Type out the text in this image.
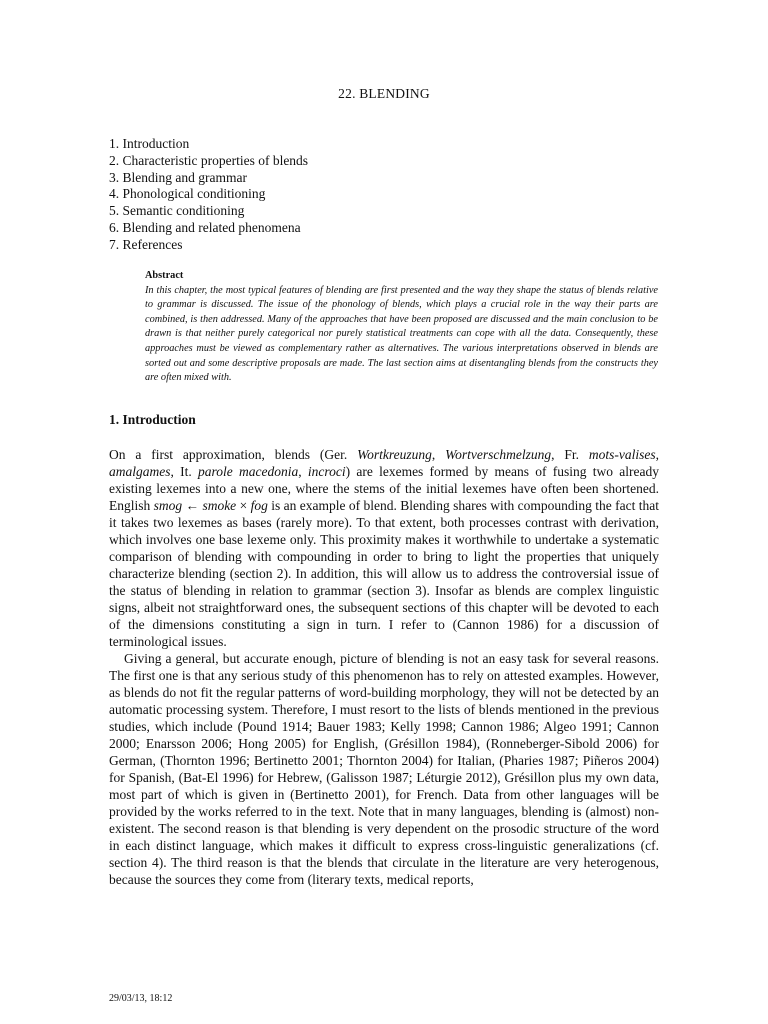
22. BLENDING
1. Introduction
2. Characteristic properties of blends
3. Blending and grammar
4. Phonological conditioning
5. Semantic conditioning
6. Blending and related phenomena
7. References
Abstract
In this chapter, the most typical features of blending are first presented and the way they shape the status of blends relative to grammar is discussed. The issue of the phonology of blends, which plays a crucial role in the way their parts are combined, is then addressed. Many of the approaches that have been proposed are discussed and the main conclusion to be drawn is that neither purely categorical nor purely statistical treatments can cope with all the data. Consequently, these approaches must be viewed as complementary rather as alternatives. The various interpretations observed in blends are sorted out and some descriptive proposals are made. The last section aims at disentangling blends from the constructs they are often mixed with.
1. Introduction

On a first approximation, blends (Ger. Wortkreuzung, Wortverschmelzung, Fr. mots-valises, amalgames, It. parole macedonia, incroci) are lexemes formed by means of fusing two already existing lexemes into a new one, where the stems of the initial lexemes have often been shortened. English smog ← smoke × fog is an example of blend. Blending shares with compounding the fact that it takes two lexemes as bases (rarely more). To that extent, both processes contrast with derivation, which involves one base lexeme only. This proximity makes it worthwhile to undertake a systematic comparison of blending with compounding in order to bring to light the properties that uniquely characterize blending (section 2). In addition, this will allow us to address the controversial issue of the status of blending in relation to grammar (section 3). Insofar as blends are complex linguistic signs, albeit not straightforward ones, the subsequent sections of this chapter will be devoted to each of the dimensions constituting a sign in turn. I refer to (Cannon 1986) for a discussion of terminological issues.

Giving a general, but accurate enough, picture of blending is not an easy task for several reasons. The first one is that any serious study of this phenomenon has to rely on attested examples. However, as blends do not fit the regular patterns of word-building morphology, they will not be detected by an automatic processing system. Therefore, I must resort to the lists of blends mentioned in the previous studies, which include (Pound 1914; Bauer 1983; Kelly 1998; Cannon 1986; Algeo 1991; Cannon 2000; Enarsson 2006; Hong 2005) for English, (Grésillon 1984), (Ronneberger-Sibold 2006) for German, (Thornton 1996; Bertinetto 2001; Thornton 2004) for Italian, (Pharies 1987; Piñeros 2004) for Spanish, (Bat-El 1996) for Hebrew, (Galisson 1987; Léturgie 2012), Grésillon plus my own data, most part of which is given in (Bertinetto 2001), for French. Data from other languages will be provided by the works referred to in the text. Note that in many languages, blending is (almost) non-existent. The second reason is that blending is very dependent on the prosodic structure of the word in each distinct language, which makes it difficult to express cross-linguistic generalizations (cf. section 4). The third reason is that the blends that circulate in the literature are very heterogenous, because the sources they come from (literary texts, medical reports,

29/03/13, 18:12
